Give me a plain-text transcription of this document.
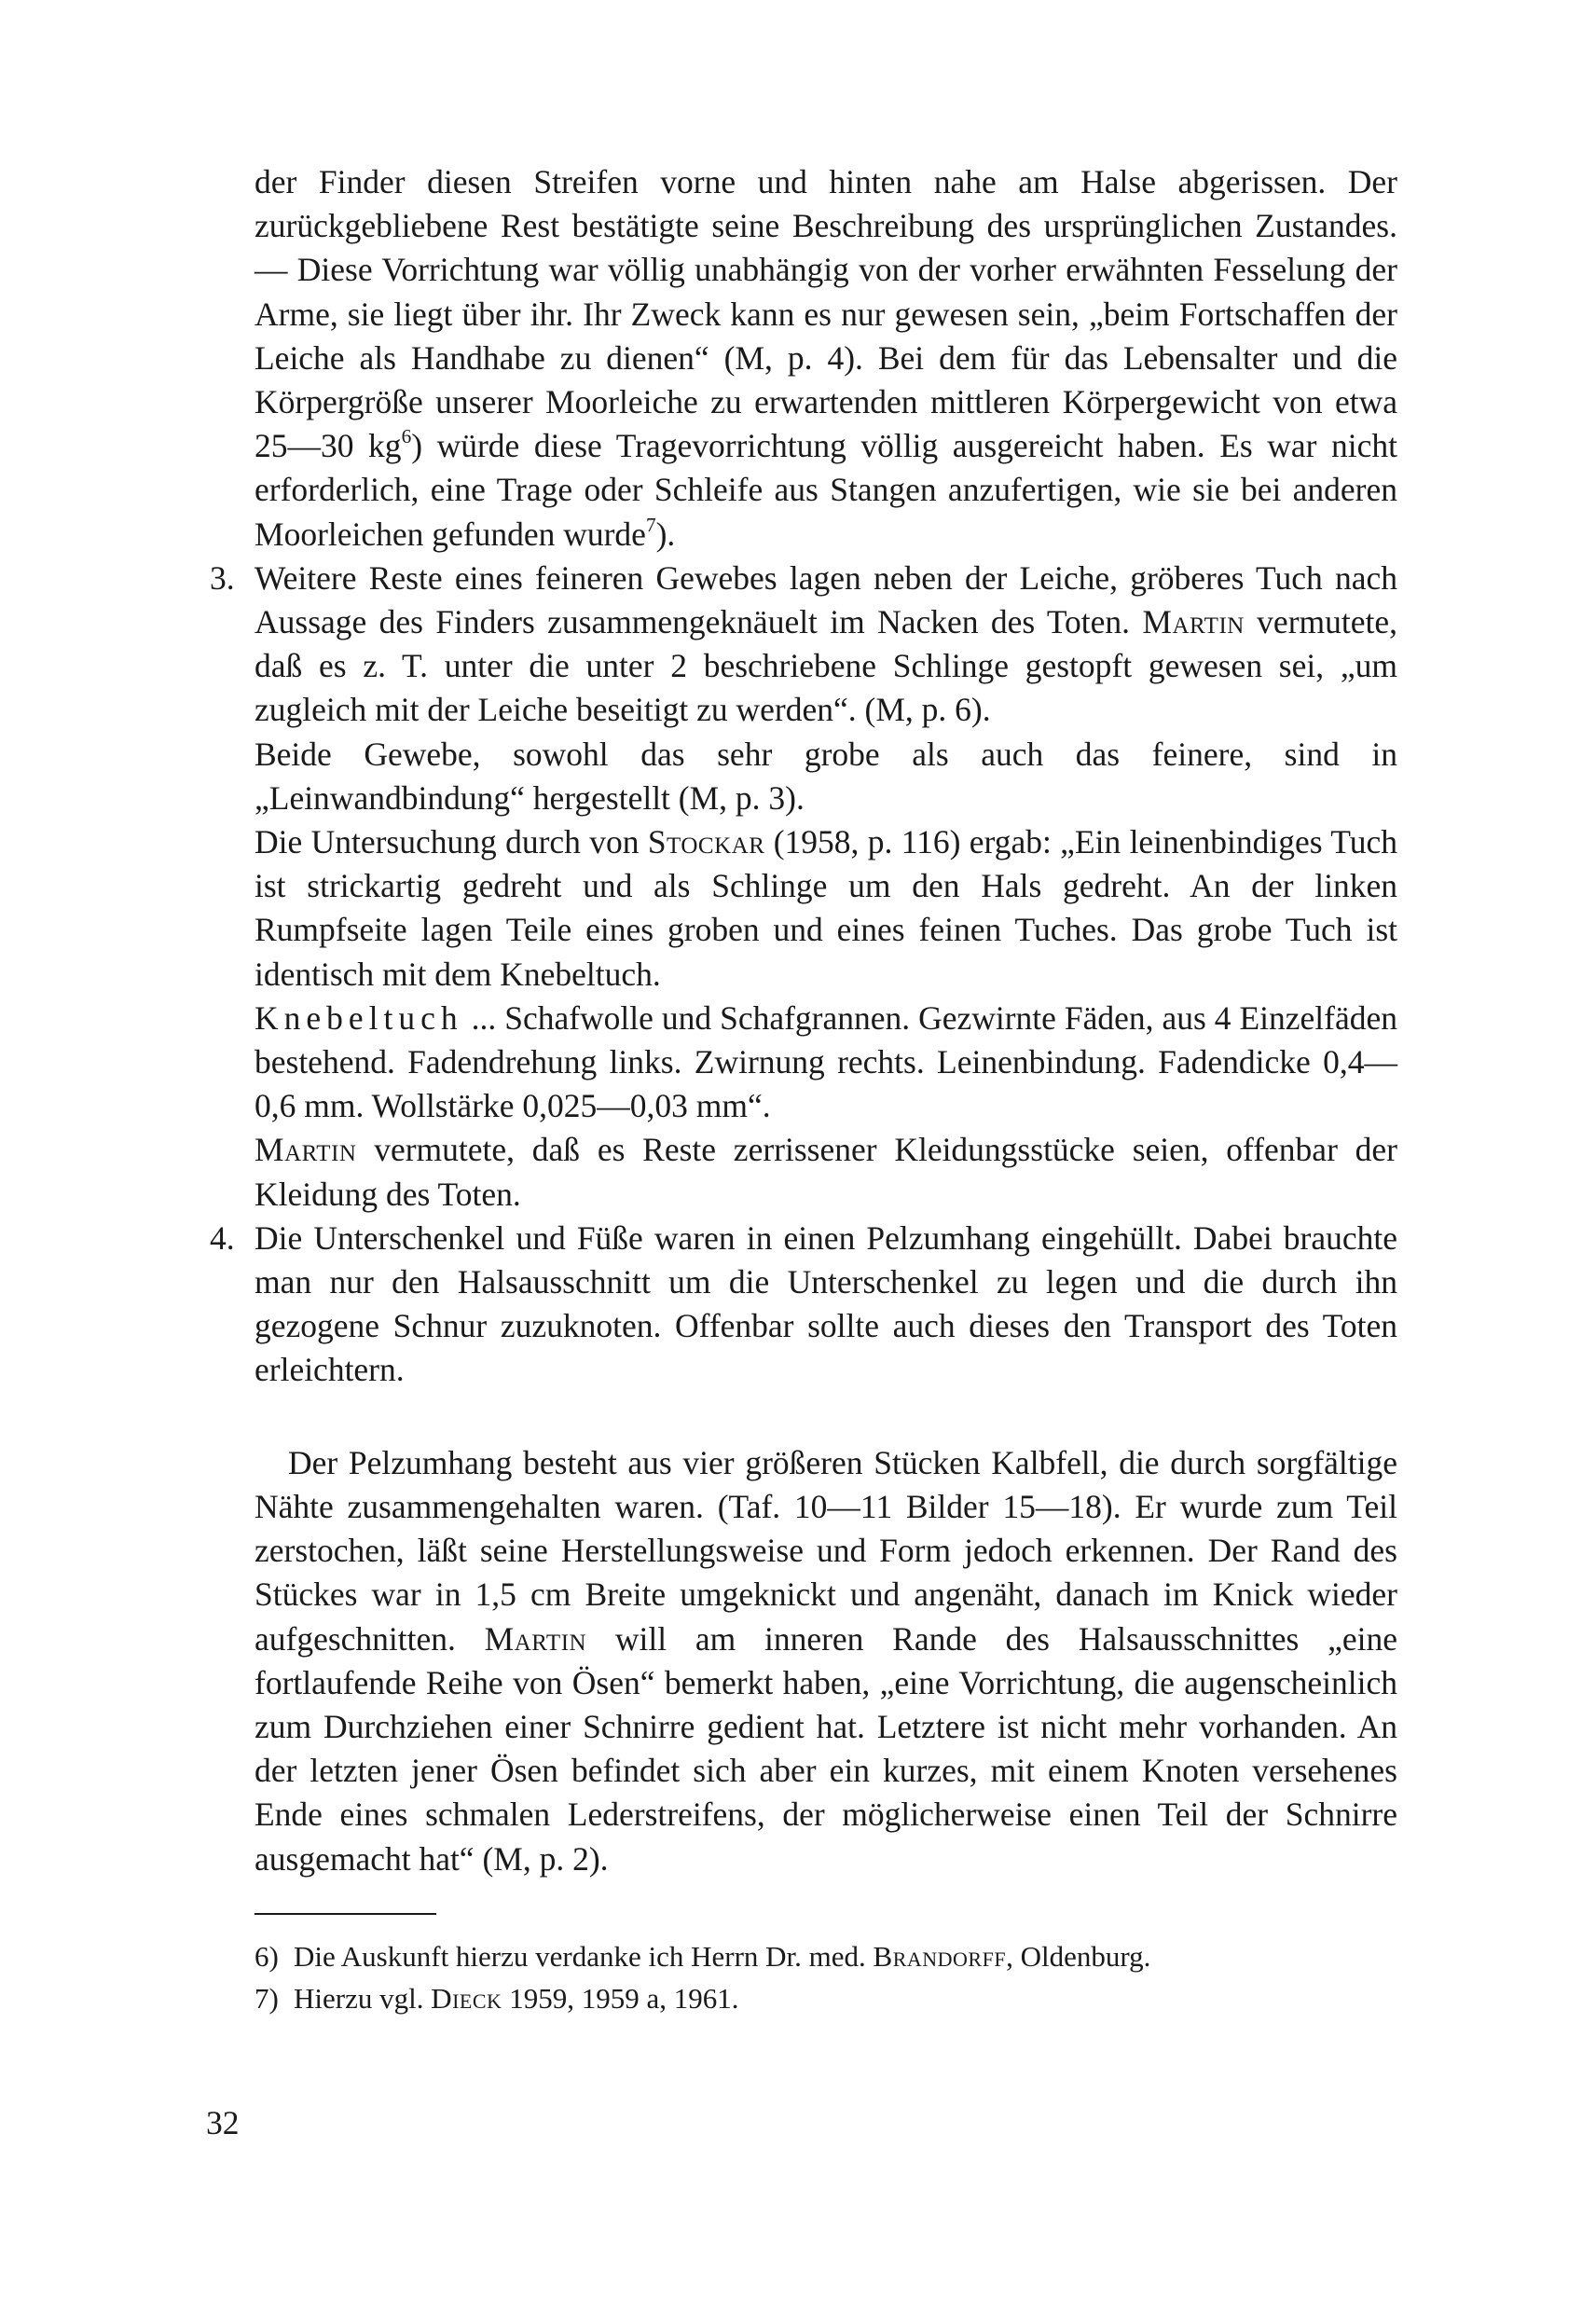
der Finder diesen Streifen vorne und hinten nahe am Halse abgerissen. Der zurückgebliebene Rest bestätigte seine Beschreibung des ursprünglichen Zustandes. — Diese Vorrichtung war völlig unabhängig von der vorher erwähnten Fesselung der Arme, sie liegt über ihr. Ihr Zweck kann es nur gewesen sein, „beim Fortschaffen der Leiche als Handhabe zu dienen“ (M, p. 4). Bei dem für das Lebensalter und die Körpergröße unserer Moorleiche zu erwartenden mittleren Körpergewicht von etwa 25—30 $kg^6$) würde diese Tragevorrichtung völlig ausgereicht haben. Es war nicht erforderlich, eine Trage oder Schleife aus Stangen anzufertigen, wie sie bei anderen Moorleichen gefunden wurde$^7$).

3. Weitere Reste eines feineren Gewebes lagen neben der Leiche, gröberes Tuch nach Aussage des Finders zusammengeknäuelt im Nacken des Toten. Martin vermutete, daß es z. T. unter die unter 2 beschriebene Schlinge gestopft gewesen sei, „um zugleich mit der Leiche beseitigt zu werden“. (M, p. 6).

Beide Gewebe, sowohl das sehr grobe als auch das feinere, sind in „Leinwandbindung“ hergestellt (M, p. 3).

Die Untersuchung durch von Stockar (1958, p. 116) ergab: „Ein leinenbindiges Tuch ist strickartig gedreht und als Schlinge um den Hals gedreht. An der linken Rumpfseite lagen Teile eines groben und eines feinen Tuches. Das grobe Tuch ist identisch mit dem Knebeltuch.

Knebeltuch ... Schafwolle und Schafgrannen. Gezwirnte Fäden, aus 4 Einzelfäden bestehend. Fadendrehung links. Zwirnung rechts. Leinenbindung. Fadendicke 0,4—0,6 mm. Wollstärke 0,025—0,03 mm“.

Martin vermutete, daß es Reste zerrissener Kleidungsstücke seien, offenbar der Kleidung des Toten.

4. Die Unterschenkel und Füße waren in einen Pelzumhang eingehüllt. Dabei brauchte man nur den Halsausschnitt um die Unterschenkel zu legen und die durch ihn gezogene Schnur zuzuknoten. Offenbar sollte auch dieses den Transport des Toten erleichtern.

Der Pelzumhang besteht aus vier größeren Stücken Kalbfell, die durch sorgfältige Nähte zusammengehalten waren. (Taf. 10—11 Bilder 15—18). Er wurde zum Teil zerstochen, läßt seine Herstellungsweise und Form jedoch erkennen. Der Rand des Stückes war in 1,5 cm Breite umgeknickt und angenäht, danach im Knick wieder aufgeschnitten. Martin will am inneren Rande des Halsausschnittes „eine fortlaufende Reihe von Ösen“ bemerkt haben, „eine Vorrichtung, die augenscheinlich zum Durchziehen einer Schnirre gedient hat. Letztere ist nicht mehr vorhanden. An der letzten jener Ösen befindet sich aber ein kurzes, mit einem Knoten versehenes Ende eines schmalen Lederstreifens, der möglicherweise einen Teil der Schnirre ausgemacht hat“ (M, p. 2).

6) Die Auskunft hierzu verdanke ich Herrn Dr. med. Brandorff, Oldenburg.

7) Hierzu vgl. Dieck 1959, 1959 a, 1961.

32
